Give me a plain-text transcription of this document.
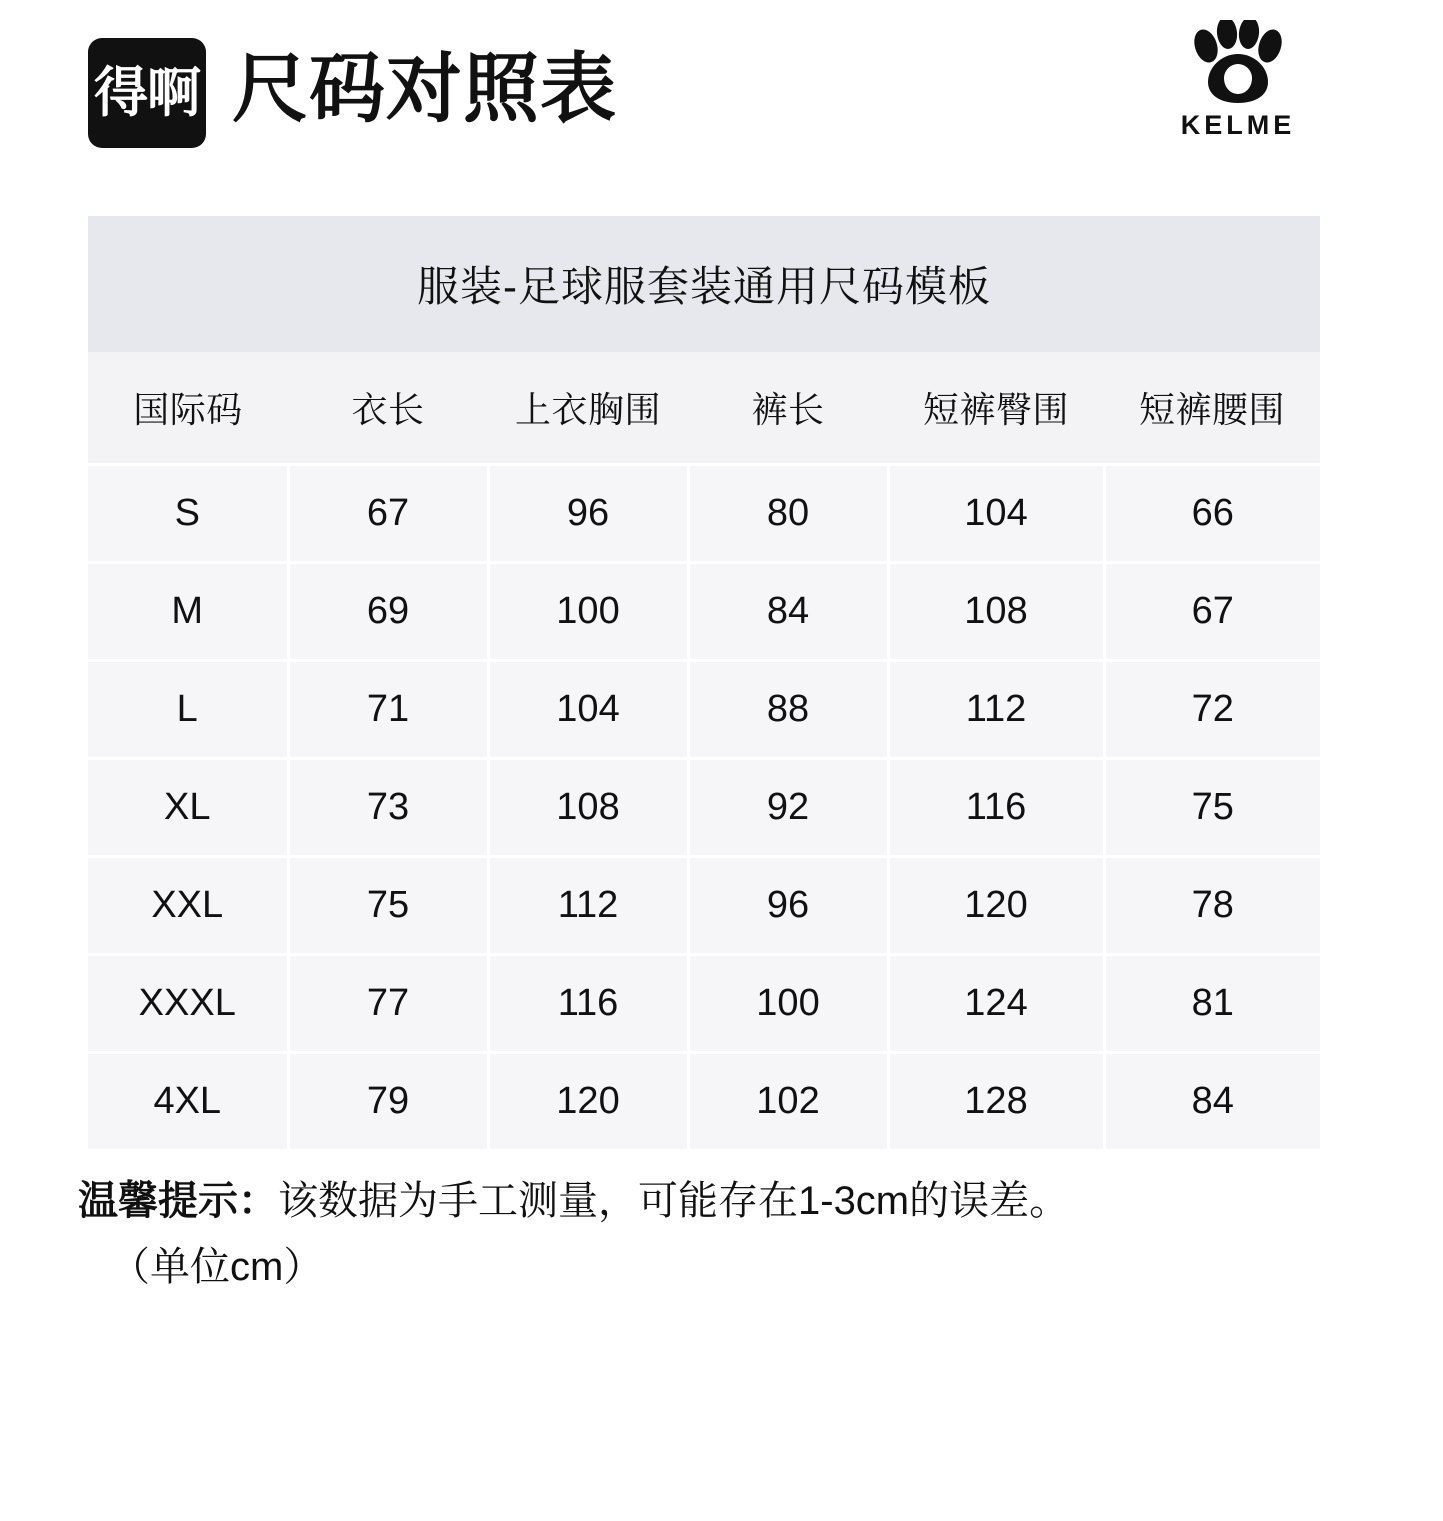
得啊 尺码对照表	KELME
服装-足球服套装通用尺码模板
国际码	衣长	上衣胸围	裤长	短裤臀围	短裤腰围
S	67	96	80	104	66
M	69	100	84	108	67
L	71	104	88	112	72
XL	73	108	92	116	75
XXL	75	112	96	120	78
XXXL	77	116	100	124	81
4XL	79	120	102	128	84
温馨提示：该数据为手工测量，可能存在1-3cm的误差。
（单位cm）
